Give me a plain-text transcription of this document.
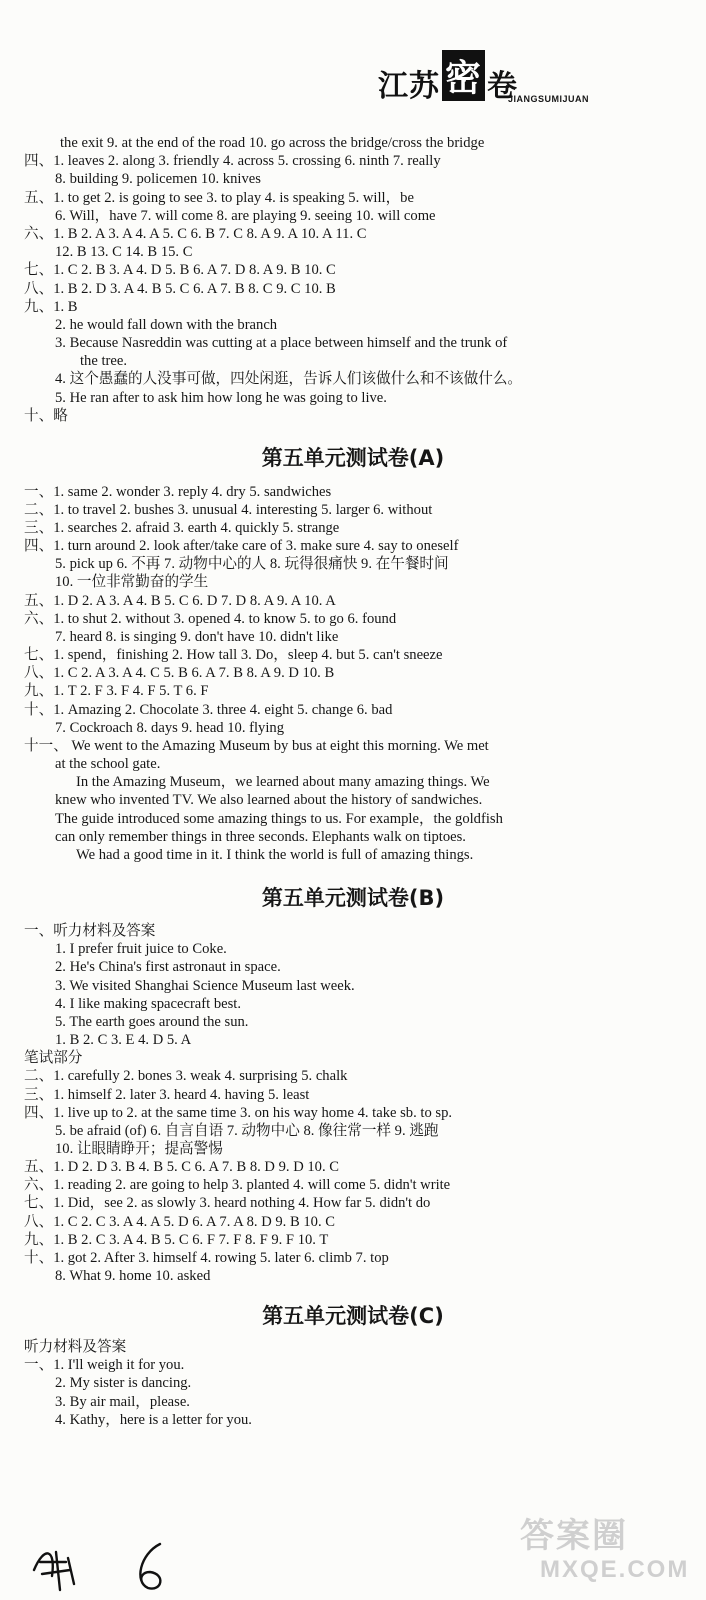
江苏 密 卷
JIANGSUMIJUAN
the exit 9. at the end of the road 10. go across the bridge/cross the bridge
四、1. leaves 2. along 3. friendly 4. across 5. crossing 6. ninth 7. really
8. building 9. policemen 10. knives
五、1. to get 2. is going to see 3. to play 4. is speaking 5. will，be
6. Will，have 7. will come 8. are playing 9. seeing 10. will come
六、1. B 2. A 3. A 4. A 5. C 6. B 7. C 8. A 9. A 10. A 11. C
12. B 13. C 14. B 15. C
七、1. C 2. B 3. A 4. D 5. B 6. A 7. D 8. A 9. B 10. C
八、1. B 2. D 3. A 4. B 5. C 6. A 7. B 8. C 9. C 10. B
九、1. B
2. he would fall down with the branch
3. Because Nasreddin was cutting at a place between himself and the trunk of
the tree.
4. 这个愚蠢的人没事可做，四处闲逛，告诉人们该做什么和不该做什么。
5. He ran after to ask him how long he was going to live.
十、略
第五单元测试卷(A)
一、1. same 2. wonder 3. reply 4. dry 5. sandwiches
二、1. to travel 2. bushes 3. unusual 4. interesting 5. larger 6. without
三、1. searches 2. afraid 3. earth 4. quickly 5. strange
四、1. turn around 2. look after/take care of 3. make sure 4. say to oneself
5. pick up 6. 不再 7. 动物中心的人 8. 玩得很痛快 9. 在午餐时间
10. 一位非常勤奋的学生
五、1. D 2. A 3. A 4. B 5. C 6. D 7. D 8. A 9. A 10. A
六、1. to shut 2. without 3. opened 4. to know 5. to go 6. found
7. heard 8. is singing 9. don't have 10. didn't like
七、1. spend，finishing 2. How tall 3. Do，sleep 4. but 5. can't sneeze
八、1. C 2. A 3. A 4. C 5. B 6. A 7. B 8. A 9. D 10. B
九、1. T 2. F 3. F 4. F 5. T 6. F
十、1. Amazing 2. Chocolate 3. three 4. eight 5. change 6. bad
7. Cockroach 8. days 9. head 10. flying
十一、 We went to the Amazing Museum by bus at eight this morning. We met
at the school gate.
In the Amazing Museum，we learned about many amazing things. We
knew who invented TV. We also learned about the history of sandwiches.
The guide introduced some amazing things to us. For example，the goldfish
can only remember things in three seconds. Elephants walk on tiptoes.
We had a good time in it. I think the world is full of amazing things.
第五单元测试卷(B)
一、听力材料及答案
1. I prefer fruit juice to Coke.
2. He's China's first astronaut in space.
3. We visited Shanghai Science Museum last week.
4. I like making spacecraft best.
5. The earth goes around the sun.
1. B 2. C 3. E 4. D 5. A
笔试部分
二、1. carefully 2. bones 3. weak 4. surprising 5. chalk
三、1. himself 2. later 3. heard 4. having 5. least
四、1. live up to 2. at the same time 3. on his way home 4. take sb. to sp.
5. be afraid (of) 6. 自言自语 7. 动物中心 8. 像往常一样 9. 逃跑
10. 让眼睛睁开；提高警惕
五、1. D 2. D 3. B 4. B 5. C 6. A 7. B 8. D 9. D 10. C
六、1. reading 2. are going to help 3. planted 4. will come 5. didn't write
七、1. Did，see 2. as slowly 3. heard nothing 4. How far 5. didn't do
八、1. C 2. C 3. A 4. A 5. D 6. A 7. A 8. D 9. B 10. C
九、1. B 2. C 3. A 4. B 5. C 6. F 7. F 8. F 9. F 10. T
十、1. got 2. After 3. himself 4. rowing 5. later 6. climb 7. top
8. What 9. home 10. asked
第五单元测试卷(C)
听力材料及答案
一、1. I'll weigh it for you.
2. My sister is dancing.
3. By air mail，please.
4. Kathy，here is a letter for you.
答案圈
MXQE.COM
